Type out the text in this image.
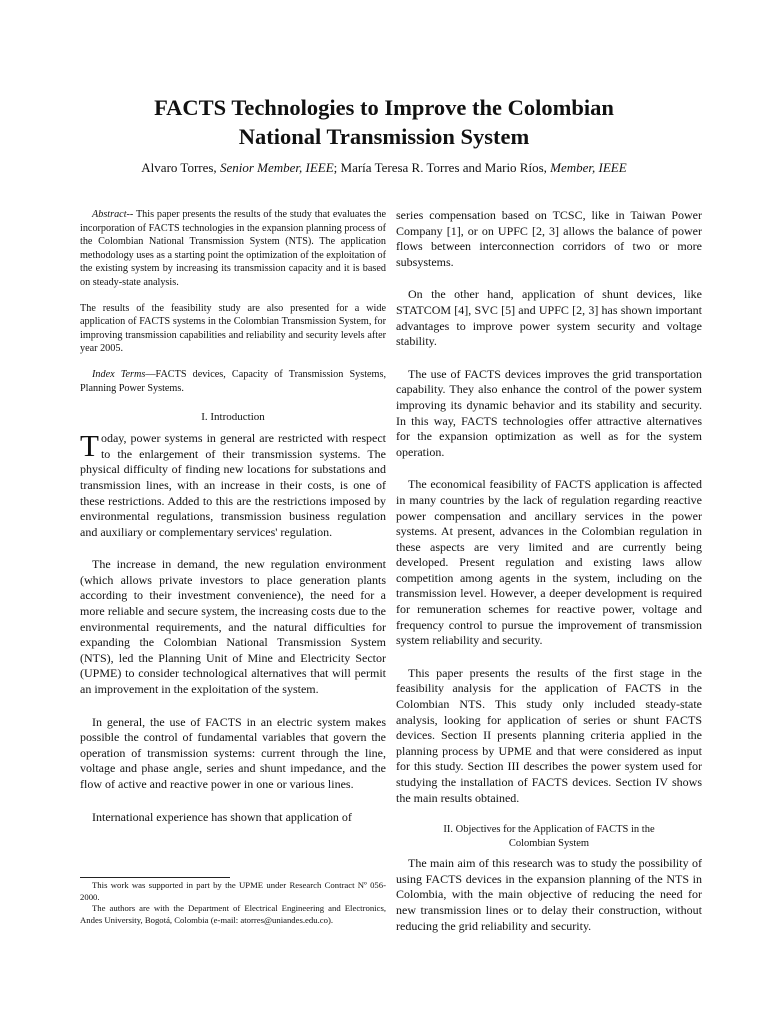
FACTS Technologies to Improve the Colombian
National Transmission System
Alvaro Torres, Senior Member, IEEE; María Teresa R. Torres and Mario Ríos, Member, IEEE

Abstract-- This paper presents the results of the study that evaluates the incorporation of FACTS technologies in the expansion planning process of the Colombian National Transmission System (NTS). The application methodology uses as a starting point the optimization of the exploitation of the existing system by increasing its transmission capacity and it is based on steady-state analysis.

The results of the feasibility study are also presented for a wide application of FACTS systems in the Colombian Transmission System, for improving transmission capabilities and reliability and security levels after year 2005.

Index Terms—FACTS devices, Capacity of Transmission Systems, Planning Power Systems.

I. Introduction

Today, power systems in general are restricted with respect to the enlargement of their transmission systems. The physical difficulty of finding new locations for substations and transmission lines, with an increase in their costs, is one of these restrictions. Added to this are the restrictions imposed by environmental regulations, transmission business regulation and auxiliary or complementary services' regulation.

The increase in demand, the new regulation environment (which allows private investors to place generation plants according to their investment convenience), the need for a more reliable and secure system, the increasing costs due to the environmental requirements, and the natural difficulties for expanding the Colombian National Transmission System (NTS), led the Planning Unit of Mine and Electricity Sector (UPME) to consider technological alternatives that will permit an improvement in the exploitation of the system.

In general, the use of FACTS in an electric system makes possible the control of fundamental variables that govern the operation of transmission systems: current through the line, voltage and phase angle, series and shunt impedance, and the flow of active and reactive power in one or various lines.

International experience has shown that application of

series compensation based on TCSC, like in Taiwan Power Company [1], or on UPFC [2, 3] allows the balance of power flows between interconnection corridors of two or more subsystems.

On the other hand, application of shunt devices, like STATCOM [4], SVC [5] and UPFC [2, 3] has shown important advantages to improve power system security and voltage stability.

The use of FACTS devices improves the grid transportation capability. They also enhance the control of the power system improving its dynamic behavior and its stability and security. In this way, FACTS technologies offer attractive alternatives for the expansion optimization as well as for the system operation.

The economical feasibility of FACTS application is affected in many countries by the lack of regulation regarding reactive power compensation and ancillary services in the power systems. At present, advances in the Colombian regulation in these aspects are very limited and are currently being developed. Present regulation and existing laws allow competition among agents in the system, including on the transmission level. However, a deeper development is required for remuneration schemes for reactive power, voltage and frequency control to pursue the improvement of transmission system reliability and security.

This paper presents the results of the first stage in the feasibility analysis for the application of FACTS in the Colombian NTS. This study only included steady-state analysis, looking for application of series or shunt FACTS devices. Section II presents planning criteria applied in the planning process by UPME and that were considered as input for this study. Section III describes the power system used for studying the installation of FACTS devices. Section IV shows the main results obtained.

II. Objectives for the Application of FACTS in the
Colombian System

The main aim of this research was to study the possibility of using FACTS devices in the expansion planning of the NTS in Colombia, with the main objective of reducing the need for new transmission lines or to delay their construction, without reducing the grid reliability and security.

This work was supported in part by the UPME under Research Contract Nº 056-2000.

The authors are with the Department of Electrical Engineering and Electronics, Andes University, Bogotá, Colombia (e-mail: atorres@uniandes.edu.co).
